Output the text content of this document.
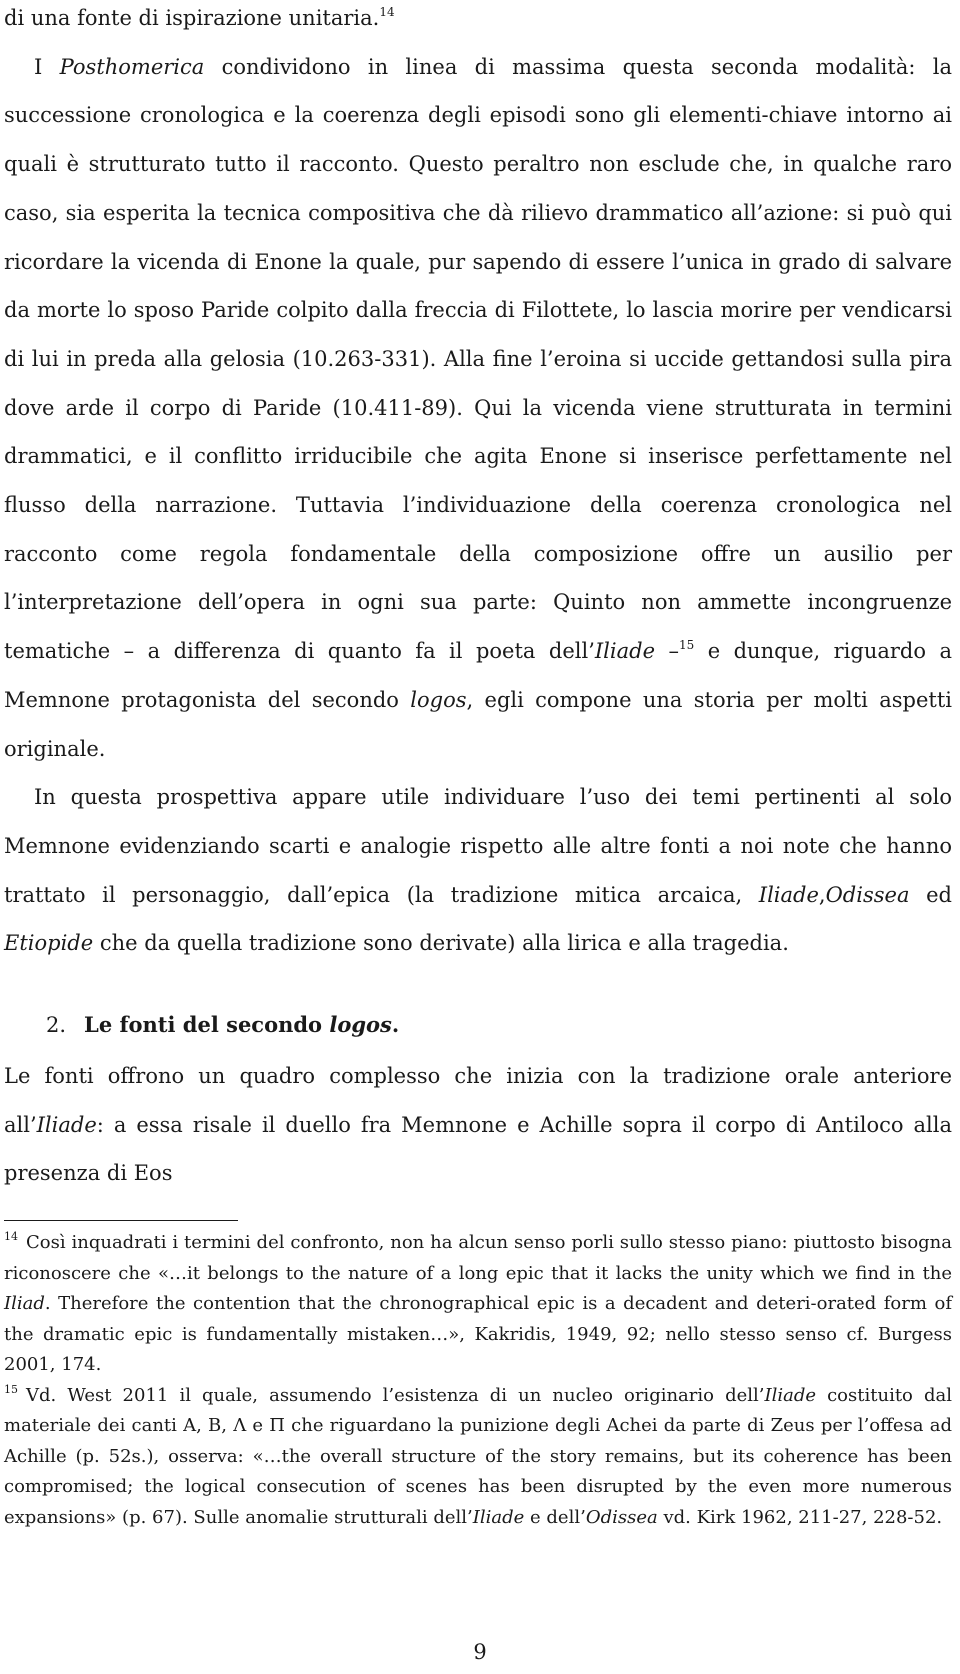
di una fonte di ispirazione unitaria.$^{14}$

I Posthomerica condividono in linea di massima questa seconda modalità: la successione cronologica e la coerenza degli episodi sono gli elementi-chiave intorno ai quali è strutturato tutto il racconto. Questo peraltro non esclude che, in qualche raro caso, sia esperita la tecnica compositiva che dà rilievo drammatico all’azione: si può qui ricordare la vicenda di Enone la quale, pur sapendo di essere l’unica in grado di salvare da morte lo sposo Paride colpito dalla freccia di Filottete, lo lascia morire per vendicarsi di lui in preda alla gelosia (10.263-331). Alla fine l’eroina si uccide gettandosi sulla pira dove arde il corpo di Paride (10.411-89). Qui la vicenda viene strutturata in termini drammatici, e il conflitto irriducibile che agita Enone si inserisce perfettamente nel flusso della narrazione. Tuttavia l’individuazione della coerenza cronologica nel racconto come regola fondamentale della composizione offre un ausilio per l’interpretazione dell’opera in ogni sua parte: Quinto non ammette incongruenze tematiche – a differenza di quanto fa il poeta dell’Iliade –$^{15}$ e dunque, riguardo a Memnone protagonista del secondo logos, egli compone una storia per molti aspetti originale.

In questa prospettiva appare utile individuare l’uso dei temi pertinenti al solo Memnone evidenziando scarti e analogie rispetto alle altre fonti a noi note che hanno trattato il personaggio, dall’epica (la tradizione mitica arcaica, Iliade,Odissea ed Etiopide che da quella tradizione sono derivate) alla lirica e alla tragedia.

2. Le fonti del secondo logos.

Le fonti offrono un quadro complesso che inizia con la tradizione orale anteriore all’Iliade: a essa risale il duello fra Memnone e Achille sopra il corpo di Antiloco alla presenza di Eos

$^{14}$ Così inquadrati i termini del confronto, non ha alcun senso porli sullo stesso piano: piuttosto bisogna riconoscere che «…it belongs to the nature of a long epic that it lacks the unity which we find in the Iliad. Therefore the contention that the chronographical epic is a decadent and deteri-orated form of the dramatic epic is fundamentally mistaken…», Kakridis, 1949, 92; nello stesso senso cf. Burgess 2001, 174.

$^{15}$ Vd. West 2011 il quale, assumendo l’esistenza di un nucleo originario dell’Iliade costituito dal materiale dei canti Α, Β, Λ e Π che riguardano la punizione degli Achei da parte di Zeus per l’offesa ad Achille (p. 52s.), osserva: «…the overall structure of the story remains, but its coherence has been compromised; the logical consecution of scenes has been disrupted by the even more numerous expansions» (p. 67). Sulle anomalie strutturali dell’Iliade e dell’Odissea vd. Kirk 1962, 211-27, 228-52.

9
